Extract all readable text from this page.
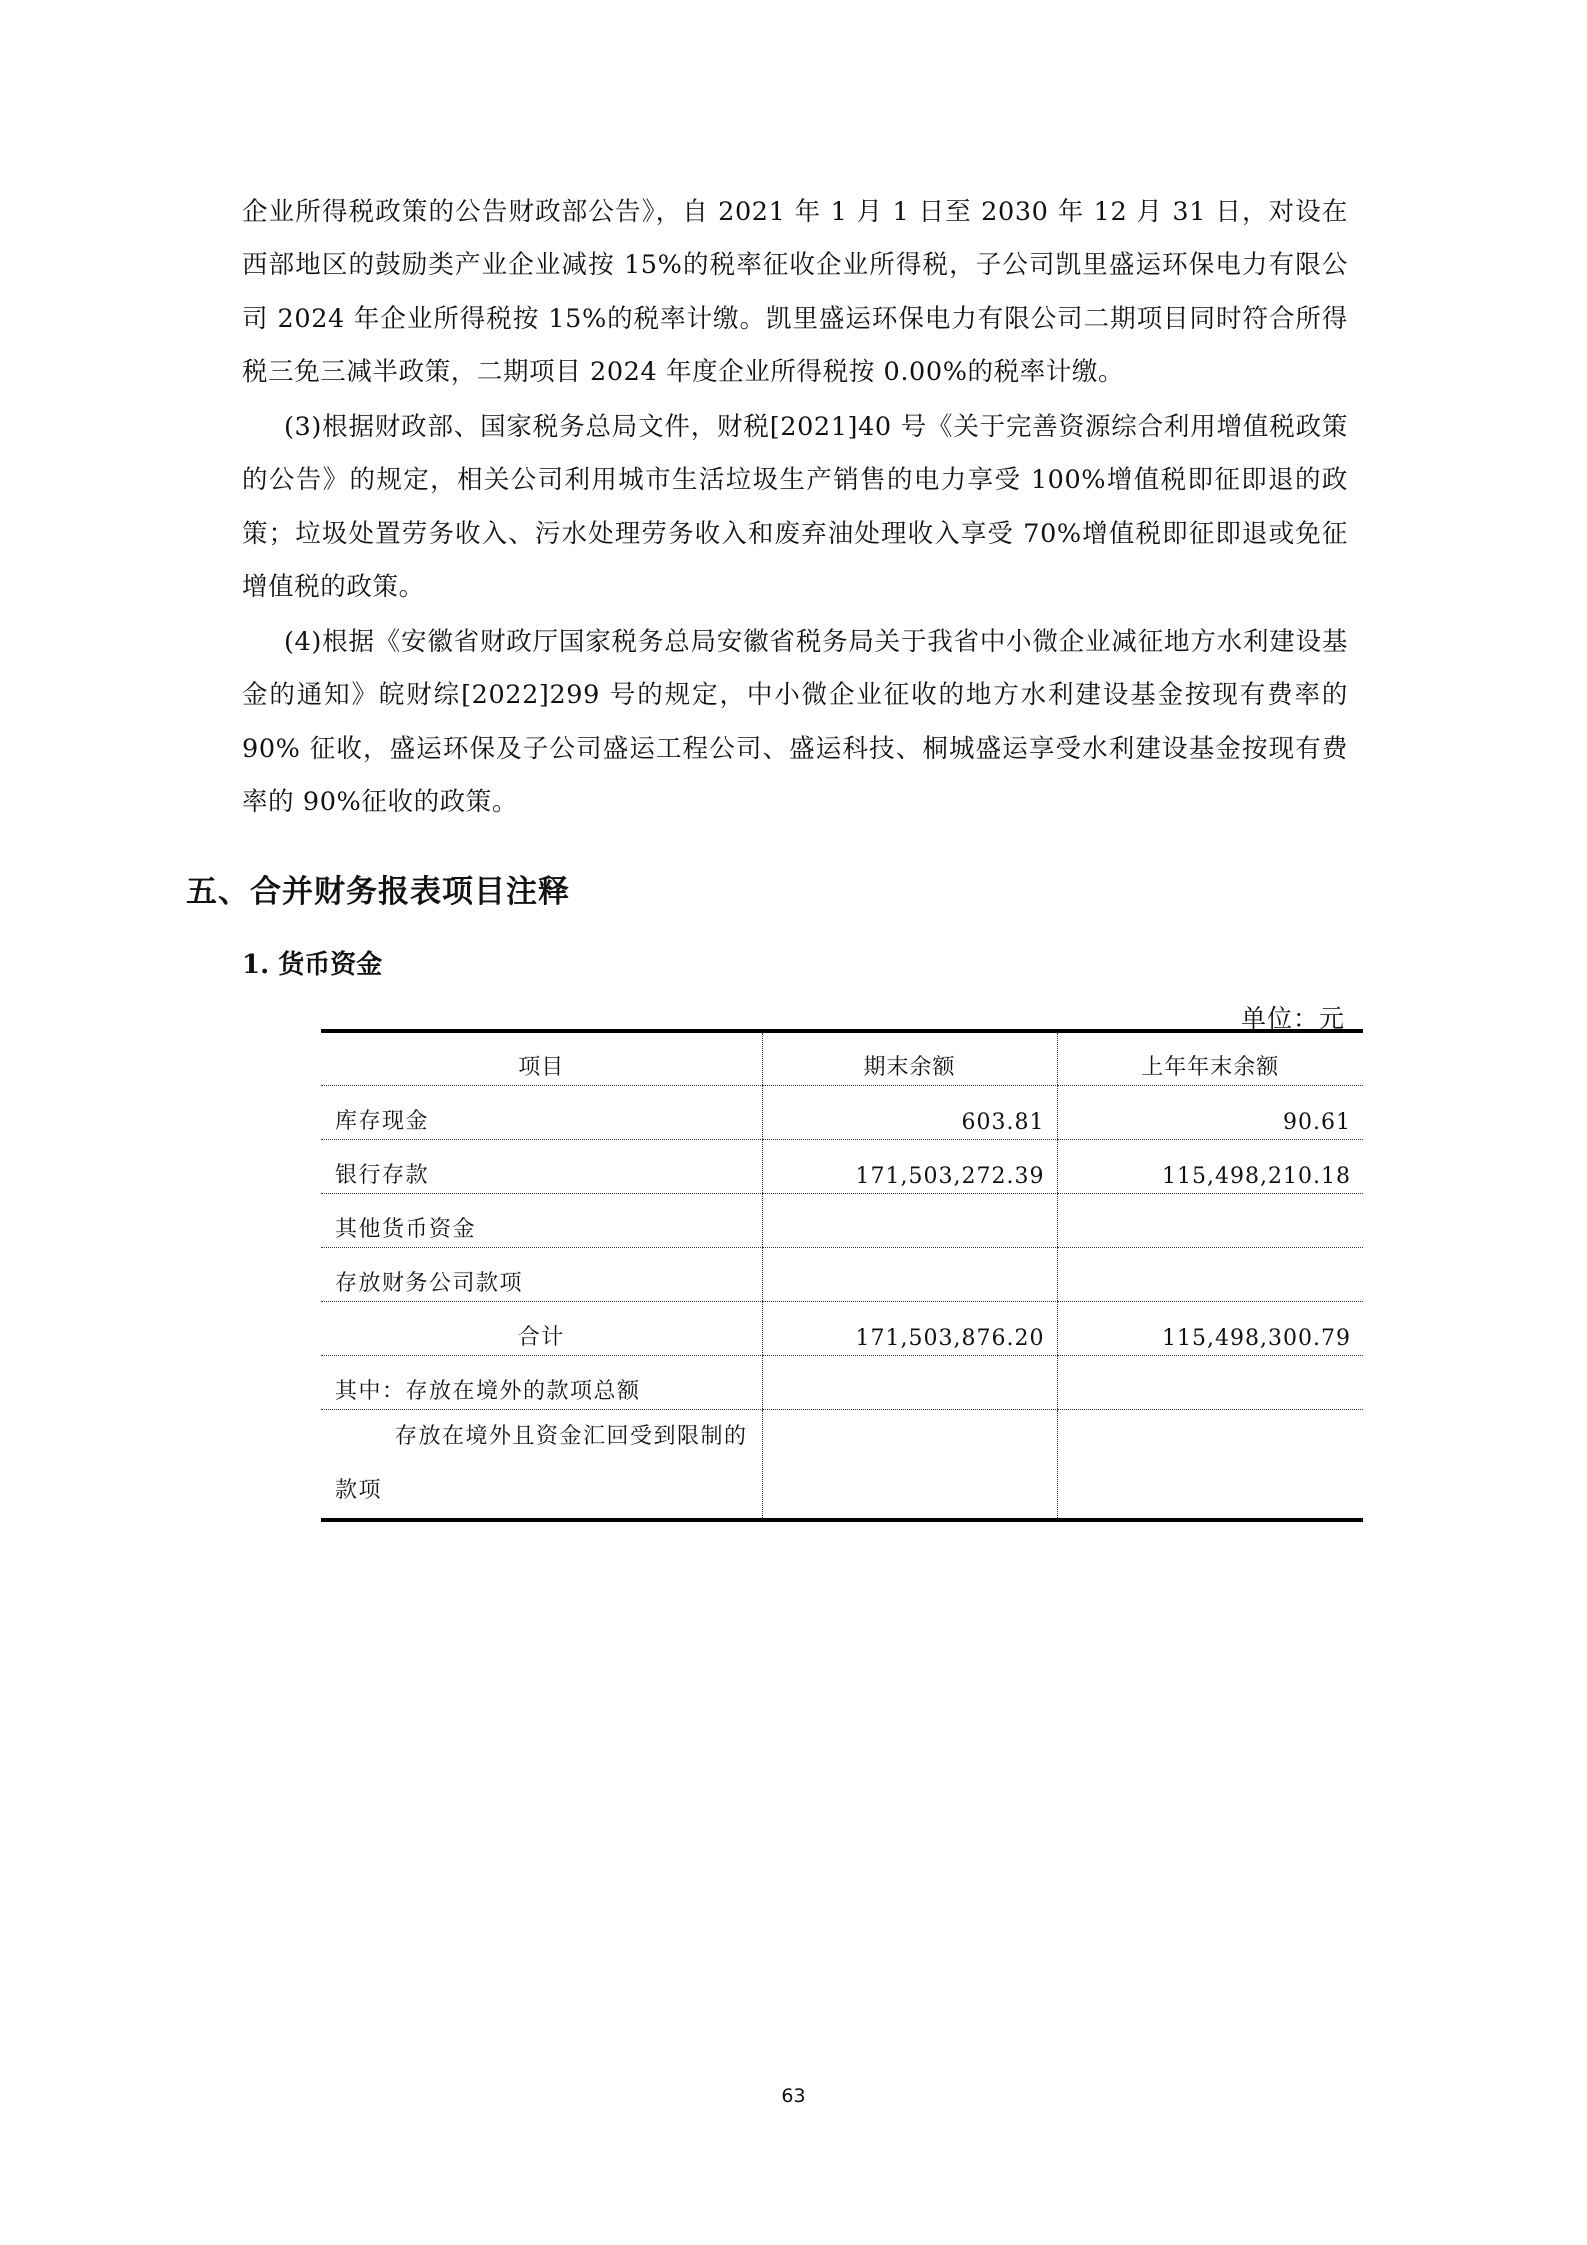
企业所得税政策的公告财政部公告》，自 2021 年 1 月 1 日至 2030 年 12 月 31 日，对设在西部地区的鼓励类产业企业减按 15%的税率征收企业所得税，子公司凯里盛运环保电力有限公司 2024 年企业所得税按 15%的税率计缴。凯里盛运环保电力有限公司二期项目同时符合所得税三免三减半政策，二期项目 2024 年度企业所得税按 0.00%的税率计缴。

(3)根据财政部、国家税务总局文件，财税[2021]40 号《关于完善资源综合利用增值税政策的公告》的规定，相关公司利用城市生活垃圾生产销售的电力享受 100%增值税即征即退的政策；垃圾处置劳务收入、污水处理劳务收入和废弃油处理收入享受 70%增值税即征即退或免征增值税的政策。

(4)根据《安徽省财政厅国家税务总局安徽省税务局关于我省中小微企业减征地方水利建设基金的通知》皖财综[2022]299 号的规定，中小微企业征收的地方水利建设基金按现有费率的 90% 征收，盛运环保及子公司盛运工程公司、盛运科技、桐城盛运享受水利建设基金按现有费率的 90%征收的政策。

五、合并财务报表项目注释
1. 货币资金

单位：元

项目	期末余额	上年年末余额
库存现金	603.81	90.61
银行存款	171,503,272.39	115,498,210.18
其他货币资金		
存放财务公司款项		
合计	171,503,876.20	115,498,300.79
其中：存放在境外的款项总额		

存放在境外且资金汇回受到限制的款项		

63
